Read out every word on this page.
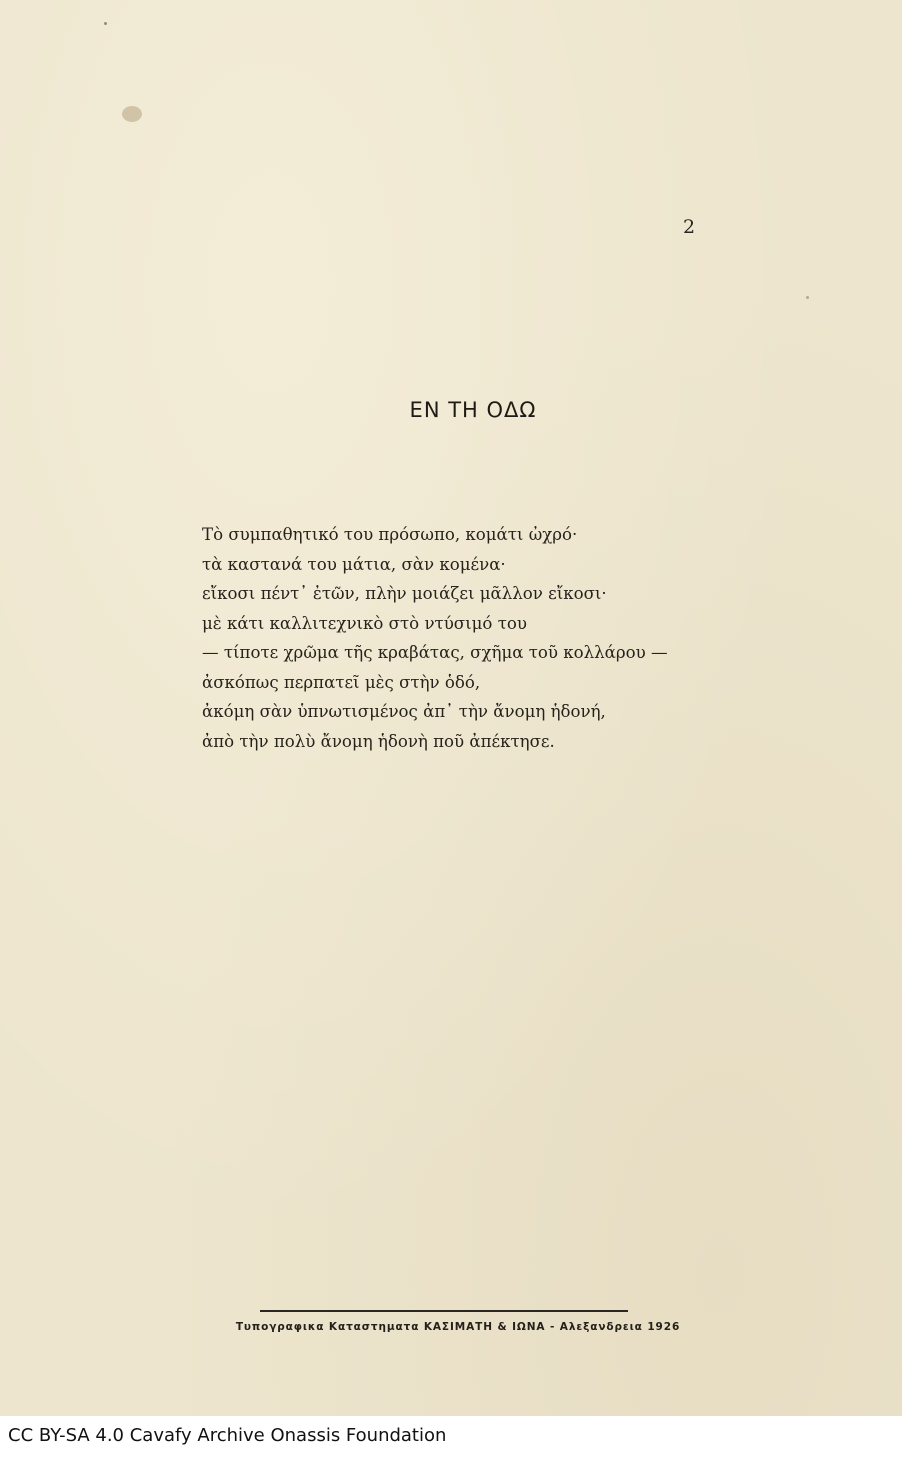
2
ΕΝ ΤΗ ΟΔΩ
Τὸ συμπαθητικό του πρόσωπο, κομάτι ὠχρό·
τὰ καστανά του μάτια, σὰν κομένα·
εἴκοσι πέντ᾿ ἐτῶν, πλὴν μοιάζει μᾶλλον εἴκοσι·
μὲ κάτι καλλιτεχνικὸ στὸ ντύσιμό του
— τίποτε χρῶμα τῆς κραβάτας, σχῆμα τοῦ κολλάρου —
ἀσκόπως περπατεῖ μὲς στὴν ὁδό,
ἀκόμη σὰν ὑπνωτισμένος ἀπ᾿ τὴν ἄνομη ἡδονή,
ἀπὸ τὴν πολὺ ἄνομη ἡδονὴ ποῦ ἀπέκτησε.
Τυπογραφικα Καταστηματα ΚΑΣΙΜΑΤΗ & ΙΩΝΑ - Αλεξανδρεια 1926
CC BY-SA 4.0 Cavafy Archive Onassis Foundation
